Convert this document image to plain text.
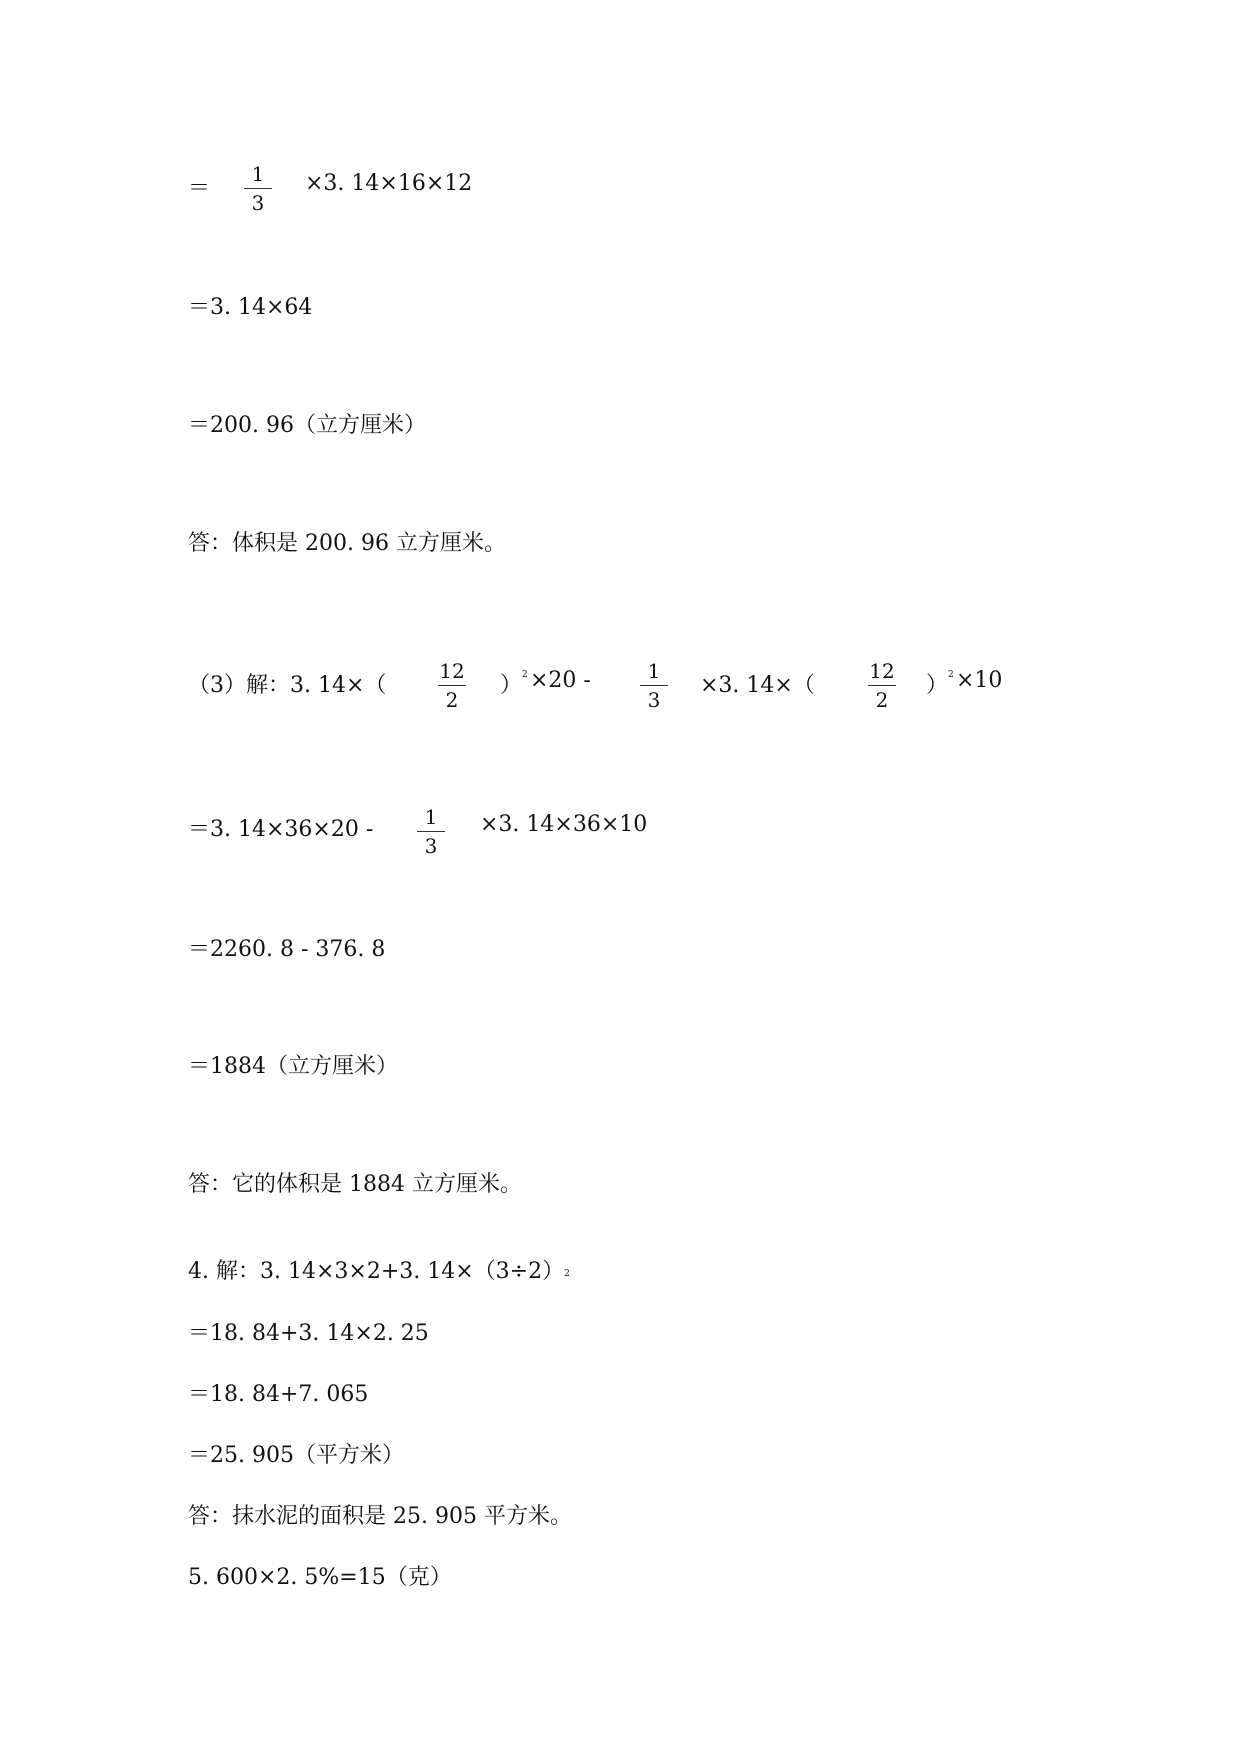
＝
1
3
×3. 14×16×12
＝3. 14×64
＝200. 96（立方厘米）
答：体积是 200. 96 立方厘米。
（3）解：3. 14×（
12
2
）$^2$ ×20 -	1
3
×3. 14×（
12
2
）$^2$ ×10
＝3. 14×36×20 -	1
3
×3. 14×36×10
＝2260. 8 - 376. 8
＝1884（立方厘米）
答：它的体积是 1884 立方厘米。
4. 解：3. 14×3×2+3. $14\times(3\div 2)^2$
＝18. 84+3. 14×2. 25
＝18. 84+7. 065
＝25. 905（平方米）
答：抹水泥的面积是 25. 905 平方米。
5. 600×2. 5%=15（克）
